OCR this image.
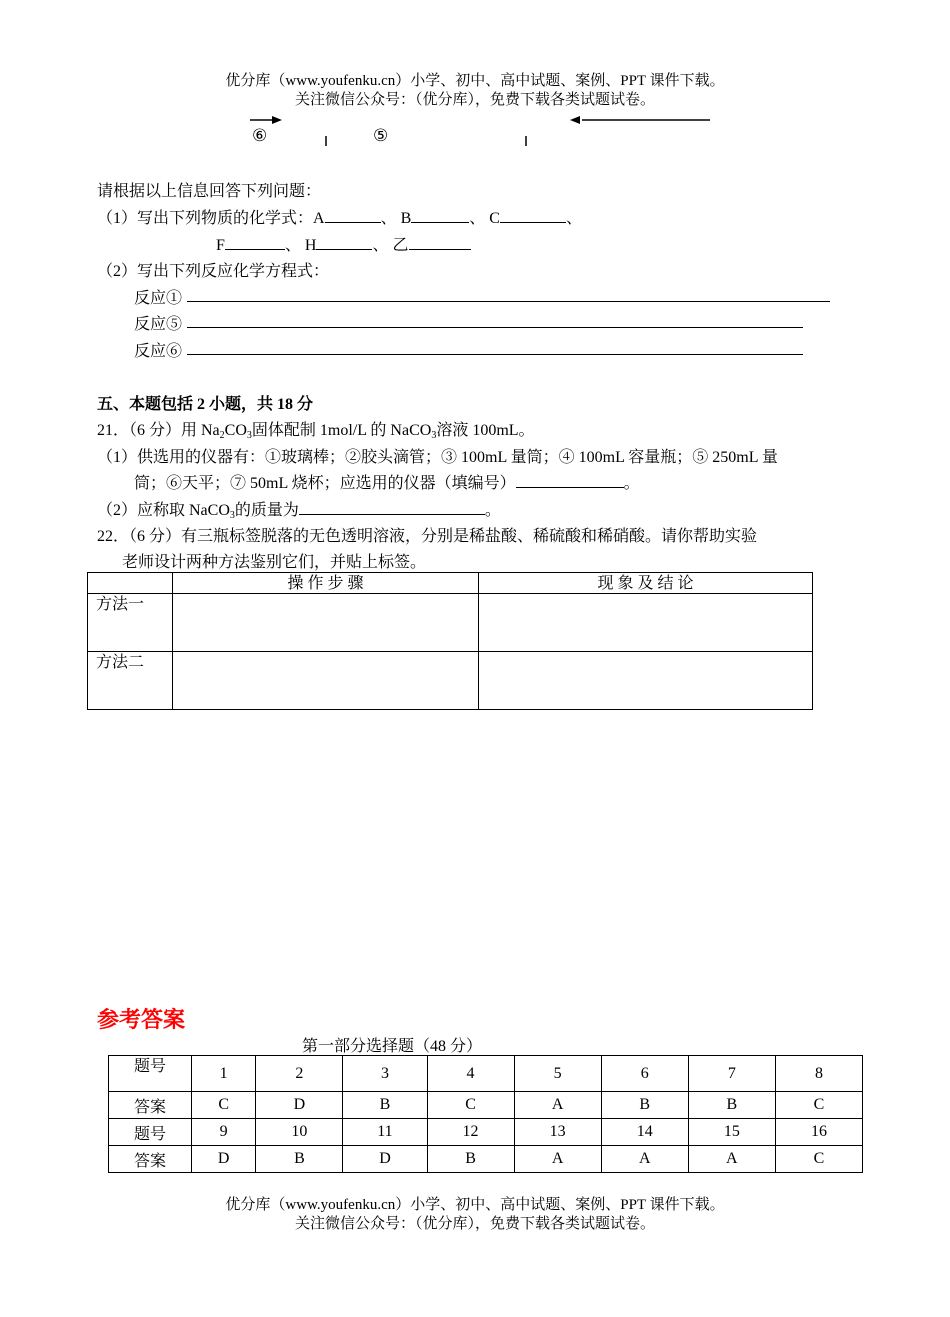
优分库（www.youfenku.cn）小学、初中、高中试题、案例、PPT 课件下载。
关注微信公众号：（优分库），免费下载各类试题试卷。
⑥	⑤
请根据以上信息回答下列问题：
（1）写出下列物质的化学式：A	、 B	、 C	、
F	、 H	、 乙
（2）写出下列反应化学方程式：
反应①
反应⑤
反应⑥
五、本题包括 2 小题，共 18 分
21．（6 分）用 $Na_2CO_3$固体配制 1mol/L 的 NaCO$_3$溶液 100mL。
（1）供选用的仪器有：①玻璃棒；②胶头滴管；③ 100mL 量筒；④ 100mL 容量瓶；⑤ 250mL 量
筒；⑥天平；⑦ 50mL 烧杯；应选用的仪器（填编号）	。
（2）应称取 NaCO$_3$的质量为	。
22．（6 分）有三瓶标签脱落的无色透明溶液，分别是稀盐酸、稀硫酸和稀硝酸。请你帮助实验
老师设计两种方法鉴别它们，并贴上标签。
	操 作 步 骤	现 象 及 结 论
方法一		
方法二		
参考答案
第一部分选择题（48 分）
题号	1	2	3	4	5	6	7	8
答案	C	D	B	C	A	B	B	C
题号	9	10	11	12	13	14	15	16
答案	D	B	D	B	A	A	A	C
优分库（www.youfenku.cn）小学、初中、高中试题、案例、PPT 课件下载。
关注微信公众号：（优分库），免费下载各类试题试卷。
